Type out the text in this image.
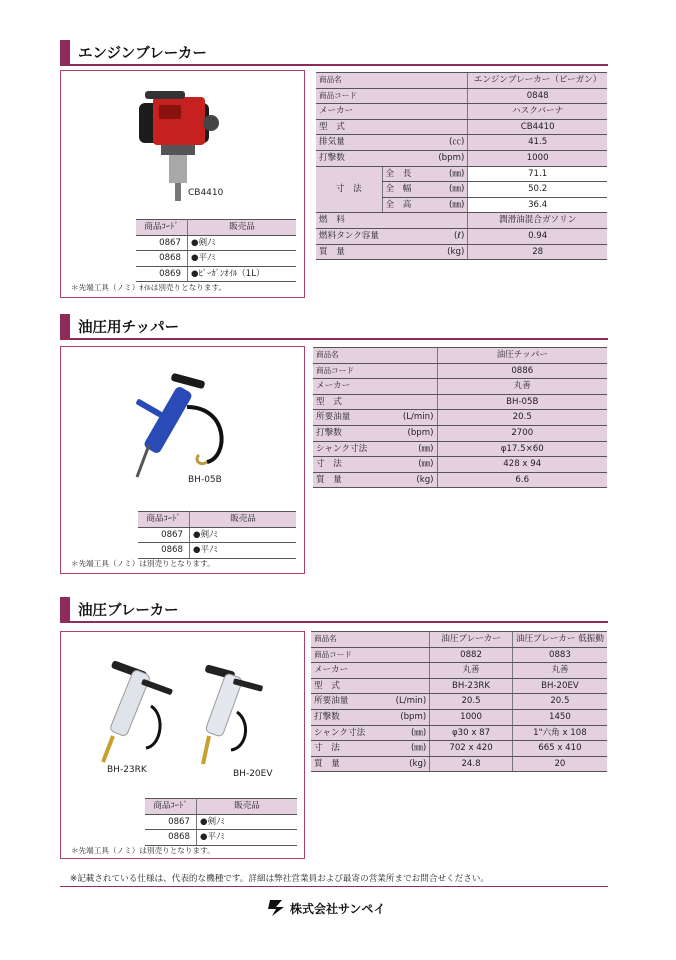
エンジンブレーカー
CB4410
商品ｺｰﾄﾞ	販売品
0867	●剣ﾉﾐ
0868	●平ﾉﾐ
0869	●ﾋﾟｰｶﾞﾝｵｲﾙ（1L）
＊先端工具（ノミ）ｵｲﾙは別売りとなります。
商品名			エンジンブレーカー（ピーガン）
商品コード			0848
メーカー			ハスクバーナ
型　式			CB4410
排気量	(㏄)		41.5
打撃数	(bpm)		1000
寸　法	全　長	(㎜)	71.1
	全　幅	(㎜)	50.2
	全　高	(㎜)	36.4
燃　料			潤滑油混合ガソリン
燃料タンク容量	(ℓ)		0.94
質　量	(kg)		28
油圧用チッパー
BH-05B
商品ｺｰﾄﾞ	販売品
0867	●剣ﾉﾐ
0868	●平ﾉﾐ
＊先端工具（ノミ）は別売りとなります。
商品名		油圧チッパー
商品コード		0886
メーカー		丸善
型　式		BH-05B
所要油量	(L/min)	20.5
打撃数	(bpm)	2700
シャンク寸法	(㎜)	φ17.5×60
寸　法	(㎜)	428 x 94
質　量	(kg)	6.6
油圧ブレーカー
BH-23RK	BH-20EV
商品ｺｰﾄﾞ	販売品
0867	●剣ﾉﾐ
0868	●平ﾉﾐ
＊先端工具（ノミ）は別売りとなります。
商品名		油圧ブレーカー	油圧ブレーカー 低振動
商品コード		0882	0883
メーカー		丸善	丸善
型　式		BH-23RK	BH-20EV
所要油量	(L/min)	20.5	20.5
打撃数	(bpm)	1000	1450
シャンク寸法	(㎜)	φ30 x 87	1"六角 x 108
寸　法	(㎜)	702 x 420	665 x 410
質　量	(kg)	24.8	20
※記載されている仕様は、代表的な機種です。詳細は弊社営業員および最寄の営業所までお問合せください。
株式会社サンペイ
